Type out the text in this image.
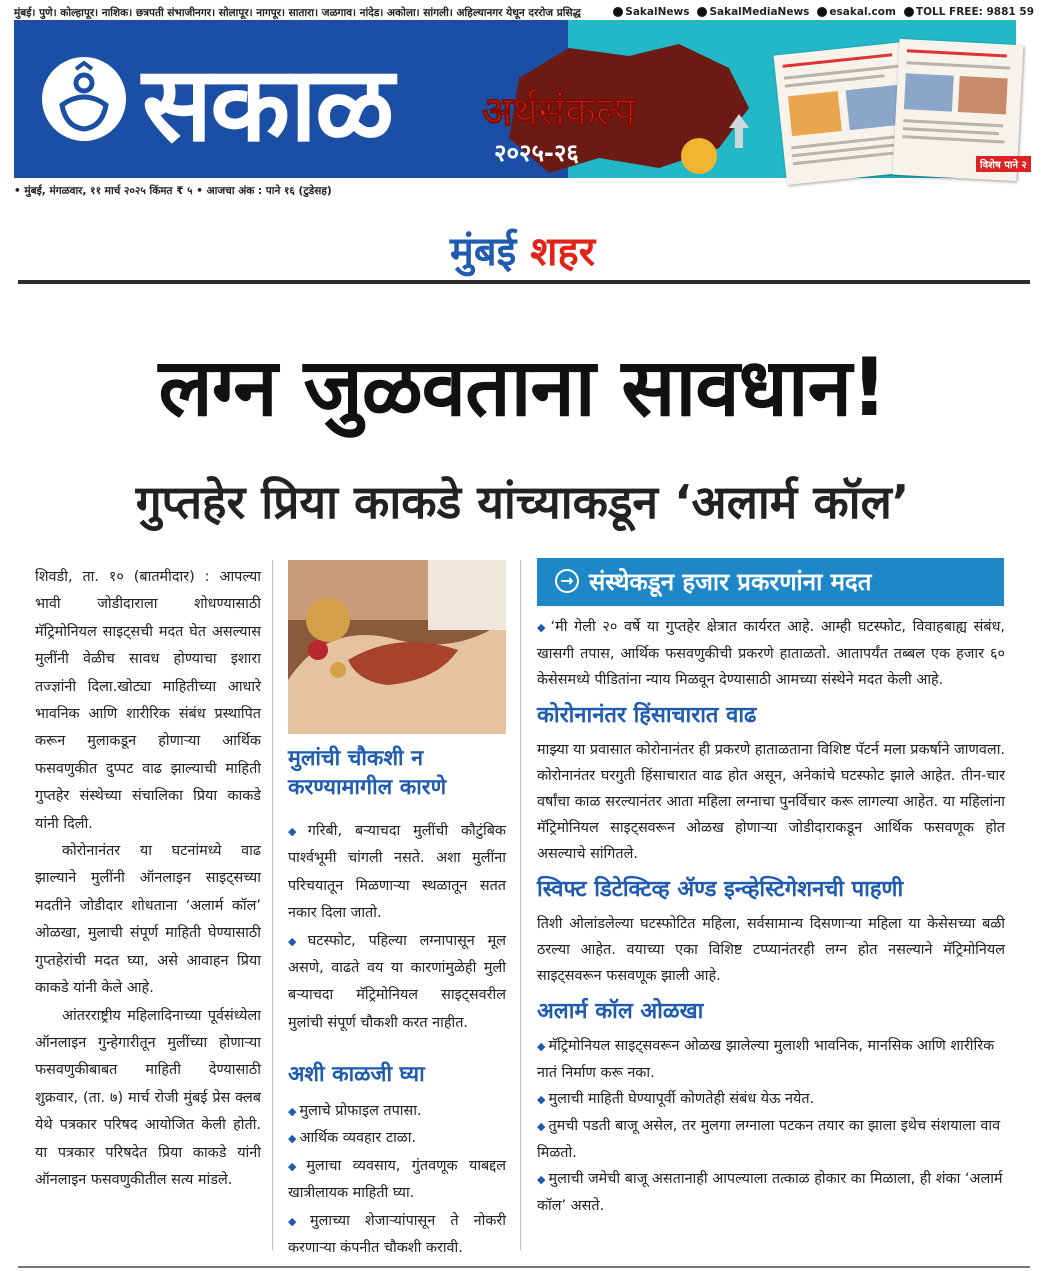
मुंबई। पुणे। कोल्हापूर। नाशिक। छत्रपती संभाजीनगर। सोलापूर। नागपूर। सातारा। जळगाव। नांदेड। अकोला। सांगली। अहिल्यानगर येथून दररोज प्रसिद्ध	SakalNews SakalMediaNews esakal.com TOLL FREE: 9881 59
सकाळ अर्थसंकल्प
२०२५-२६	विशेष पाने २
• मुंबई, मंगळवार, ११ मार्च २०२५ किंमत ₹ ५ • आजचा अंक : पाने १६ (टुडेसह)
मुंबई शहर
लग्न जुळवताना सावधान!
गुप्तहेर प्रिया काकडे यांच्याकडून ‘अलार्म कॉल’

शिवडी, ता. १० (बातमीदार) : आपल्या भावी जोडीदाराला शोधण्यासाठी मॅट्रिमोनियल साइट्सची मदत घेत असल्यास मुलींनी वेळीच सावध होण्याचा इशारा तज्ज्ञांनी दिला.खोट्या माहितीच्या आधारे भावनिक आणि शारीरिक संबंध प्रस्थापित करून मुलाकडून होणाऱ्या आर्थिक फसवणुकीत दुप्पट वाढ झाल्याची माहिती गुप्तहेर संस्थेच्या संचालिका प्रिया काकडे यांनी दिली.

कोरोनानंतर या घटनांमध्ये वाढ झाल्याने मुलींनी ऑनलाइन साइट्सच्या मदतीने जोडीदार शोधताना ‘अलार्म कॉल’ ओळखा, मुलाची संपूर्ण माहिती घेण्यासाठी गुप्तहेरांची मदत घ्या, असे आवाहन प्रिया काकडे यांनी केले आहे.

आंतरराष्ट्रीय महिलादिनाच्या पूर्वसंध्येला ऑनलाइन गुन्हेगारीतून मुलींच्या होणाऱ्या फसवणुकीबाबत माहिती देण्यासाठी शुक्रवार, (ता. ७) मार्च रोजी मुंबई प्रेस क्लब येथे पत्रकार परिषद आयोजित केली होती. या पत्रकार परिषदेत प्रिया काकडे यांनी ऑनलाइन फसवणुकीतील सत्य मांडले.

मुलांची चौकशी न करण्यामागील कारणे

◆ गरिबी, बऱ्याचदा मुलींची कौटुंबिक पार्श्वभूमी चांगली नसते. अशा मुलींना परिचयातून मिळणाऱ्या स्थळातून सतत नकार दिला जातो.

◆ घटस्फोट, पहिल्या लग्नापासून मूल असणे, वाढते वय या कारणांमुळेही मुली बऱ्याचदा मॅट्रिमोनियल साइट्सवरील मुलांची संपूर्ण चौकशी करत नाहीत.

अशी काळजी घ्या

◆ मुलाचे प्रोफाइल तपासा.

◆ आर्थिक व्यवहार टाळा.

◆ मुलाचा व्यवसाय, गुंतवणूक याबद्दल खात्रीलायक माहिती घ्या.

◆ मुलाच्या शेजाऱ्यांपासून ते नोकरी करणाऱ्या कंपनीत चौकशी करावी.

→ संस्थेकडून हजार प्रकरणांना मदत

◆ ‘मी गेली २० वर्षे या गुप्तहेर क्षेत्रात कार्यरत आहे. आम्ही घटस्फोट, विवाहबाह्य संबंध, खासगी तपास, आर्थिक फसवणुकीची प्रकरणे हाताळतो. आतापर्यंत तब्बल एक हजार ६० केसेसमध्ये पीडितांना न्याय मिळवून देण्यासाठी आमच्या संस्थेने मदत केली आहे.

कोरोनानंतर हिंसाचारात वाढ

माझ्या या प्रवासात कोरोनानंतर ही प्रकरणे हाताळताना विशिष्ट पॅटर्न मला प्रकर्षाने जाणवला. कोरोनानंतर घरगुती हिंसाचारात वाढ होत असून, अनेकांचे घटस्फोट झाले आहेत. तीन-चार वर्षांचा काळ सरल्यानंतर आता महिला लग्नाचा पुनर्विचार करू लागल्या आहेत. या महिलांना मॅट्रिमोनियल साइट्सवरून ओळख होणाऱ्या जोडीदाराकडून आर्थिक फसवणूक होत असल्याचे सांगितले.

स्विफ्ट डिटेक्टिव्ह ॲण्ड इन्व्हेस्टिगेशनची पाहणी

तिशी ओलांडलेल्या घटस्फोटित महिला, सर्वसामान्य दिसणाऱ्या महिला या केसेसच्या बळी ठरल्या आहेत. वयाच्या एका विशिष्ट टप्प्यानंतरही लग्न होत नसल्याने मॅट्रिमोनियल साइट्सवरून फसवणूक झाली आहे.

अलार्म कॉल ओळखा

◆ मॅट्रिमोनियल साइट्सवरून ओळख झालेल्या मुलाशी भावनिक, मानसिक आणि शारीरिक नातं निर्माण करू नका.

◆ मुलाची माहिती घेण्यापूर्वी कोणतेही संबंध येऊ नयेत.

◆ तुमची पडती बाजू असेल, तर मुलगा लग्नाला पटकन तयार का झाला इथेच संशयाला वाव मिळतो.

◆ मुलाची जमेची बाजू असतानाही आपल्याला तत्काळ होकार का मिळाला, ही शंका ‘अलार्म कॉल’ असते.
